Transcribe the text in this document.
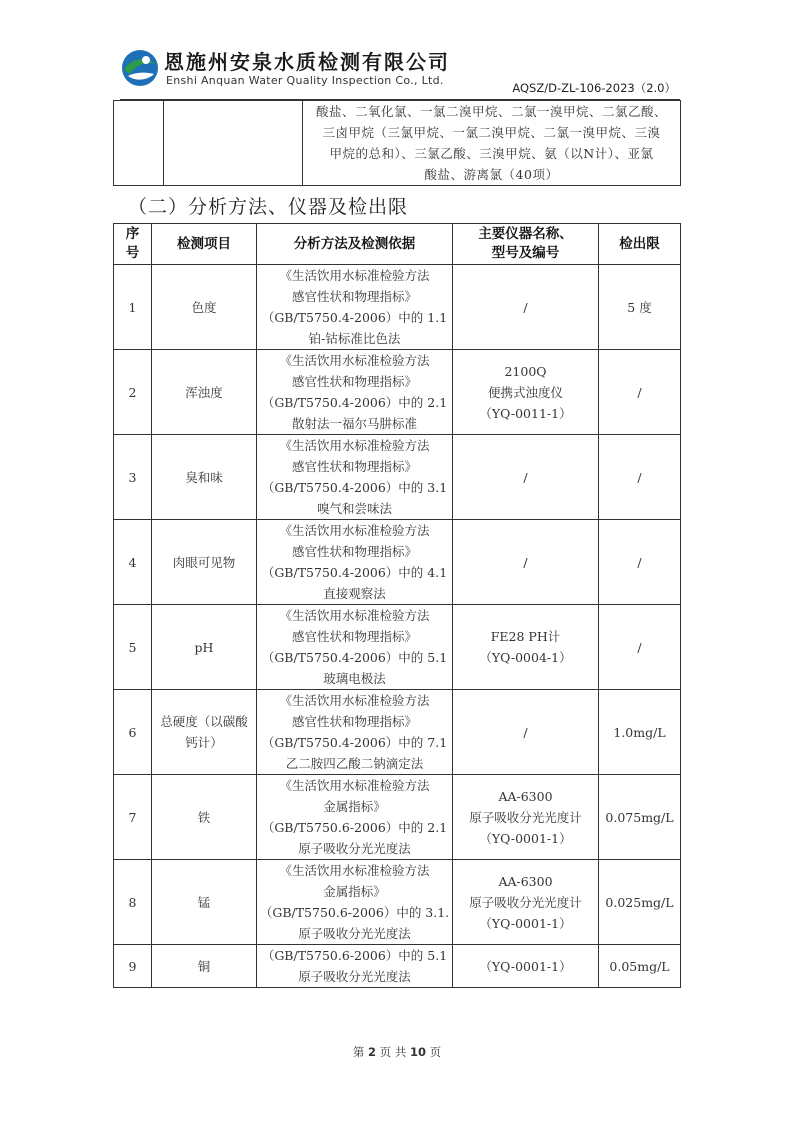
恩施州安泉水质检测有限公司
Enshi Anquan Water Quality Inspection Co., Ltd.
AQSZ/D-ZL-106-2023（2.0）

酸盐、二氧化氯、一氯二溴甲烷、二氯一溴甲烷、二氯乙酸、
三卤甲烷（三氯甲烷、一氯二溴甲烷、二氯一溴甲烷、三溴
甲烷的总和）、三氯乙酸、三溴甲烷、氨（以N计）、亚氯
酸盐、游离氯（40项）
（二）分析方法、仪器及检出限
序
号	检测项目	分析方法及检测依据	主要仪器名称、
型号及编号	检出限
1	色度	《生活饮用水标准检验方法
感官性状和物理指标》
（GB/T5750.4-2006）中的 1.1
铂-钴标准比色法	/	5 度
2	浑浊度	《生活饮用水标准检验方法
感官性状和物理指标》
（GB/T5750.4-2006）中的 2.1
散射法一福尔马肼标准	2100Q
便携式浊度仪
（YQ-0011-1）	/
3	臭和味	《生活饮用水标准检验方法
感官性状和物理指标》
（GB/T5750.4-2006）中的 3.1
嗅气和尝味法	/	/
4	肉眼可见物	《生活饮用水标准检验方法
感官性状和物理指标》
（GB/T5750.4-2006）中的 4.1
直接观察法	/	/
5	pH	《生活饮用水标准检验方法
感官性状和物理指标》
（GB/T5750.4-2006）中的 5.1
玻璃电极法	FE28 PH计
（YQ-0004-1）	/
6	总硬度（以碳酸钙计）	《生活饮用水标准检验方法
感官性状和物理指标》
（GB/T5750.4-2006）中的 7.1
乙二胺四乙酸二钠滴定法	/	1.0mg/L
7	铁	《生活饮用水标准检验方法
金属指标》
（GB/T5750.6-2006）中的 2.1
原子吸收分光光度法	AA-6300
原子吸收分光光度计
（YQ-0001-1）	0.075mg/L
8	锰	《生活饮用水标准检验方法
金属指标》
（GB/T5750.6-2006）中的 3.1.
原子吸收分光光度法	AA-6300
原子吸收分光光度计
（YQ-0001-1）	0.025mg/L
9	铜	（GB/T5750.6-2006）中的 5.1
原子吸收分光光度法	（YQ-0001-1）	0.05mg/L
第 2 页 共 10 页
